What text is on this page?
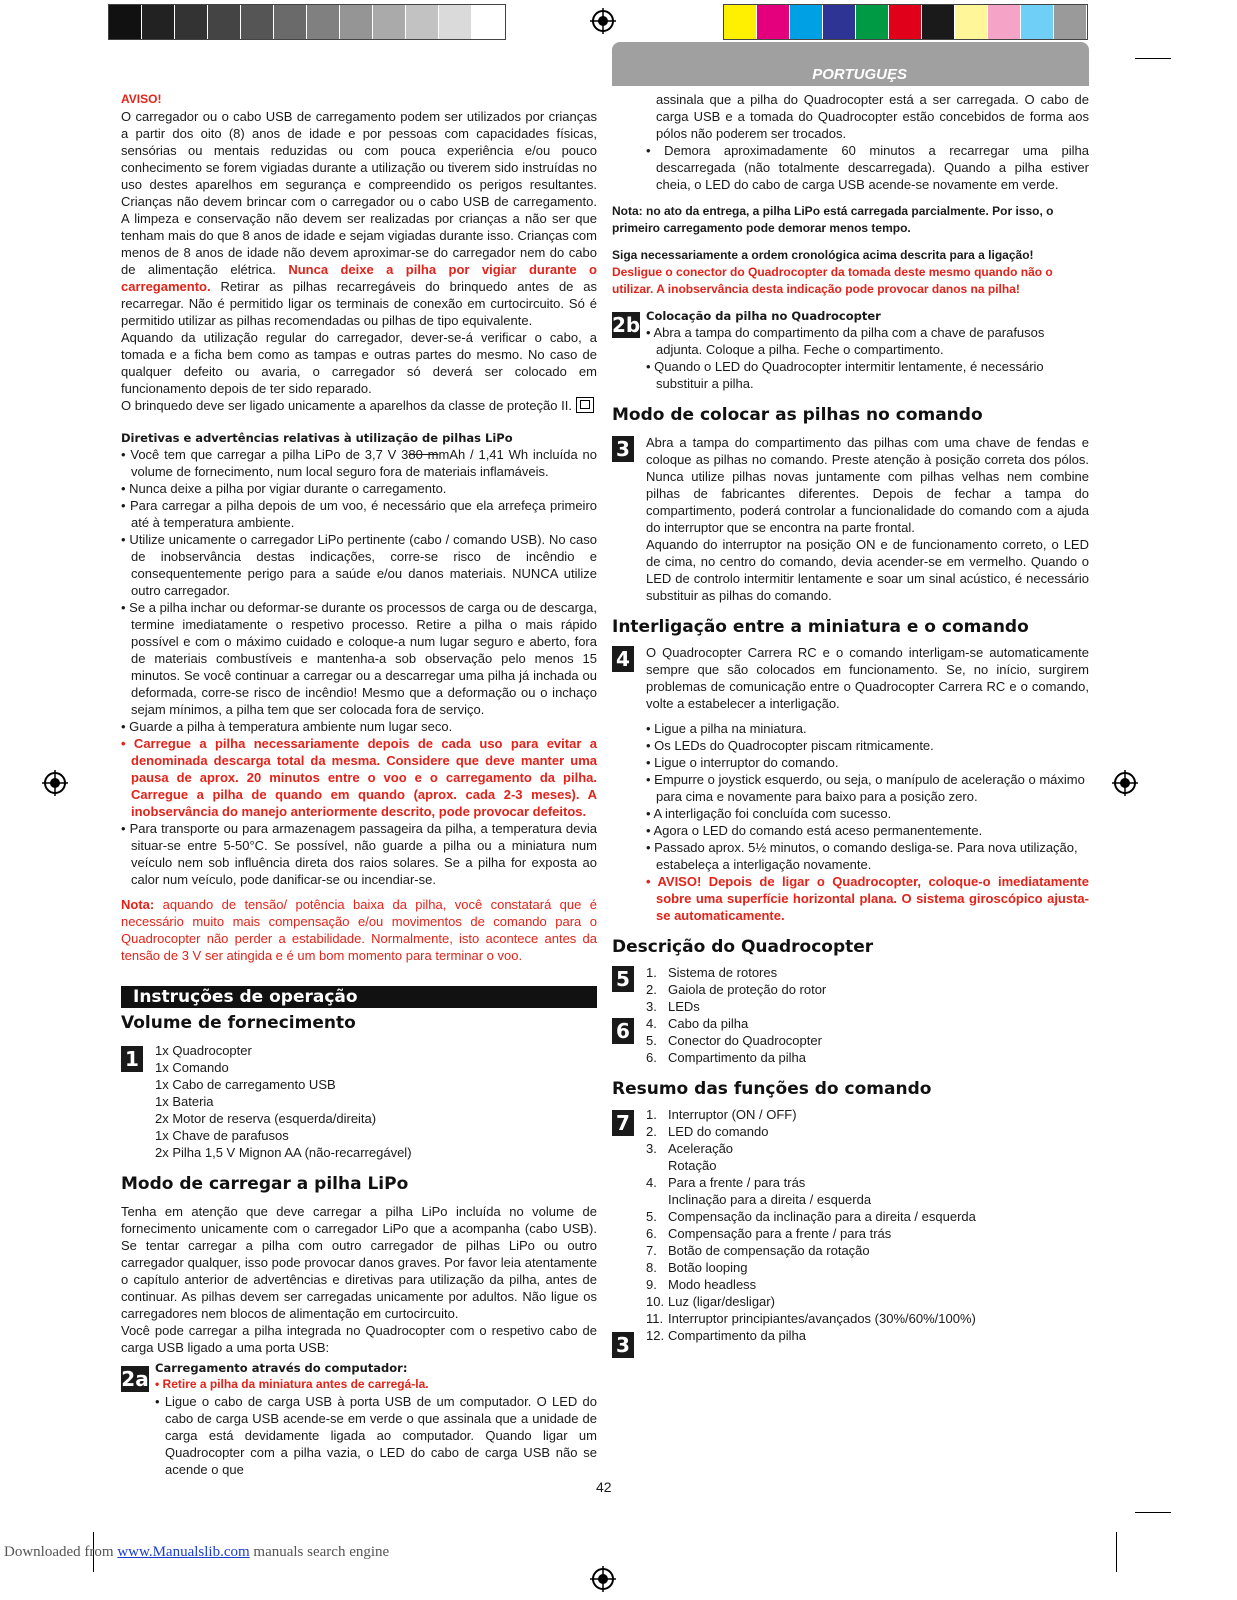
PORTUGUȨS

AVISO!

O carregador ou o cabo USB de carregamento podem ser utilizados por crianças a partir dos oito (8) anos de idade e por pessoas com capacidades físicas, sensórias ou mentais reduzidas ou com pouca experiência e/ou pouco conhecimento se forem vigiadas durante a utilização ou tiverem sido instruídas no uso destes aparelhos em segurança e compreendido os perigos resultantes. Crianças não devem brincar com o carregador ou o cabo USB de carregamento. A limpeza e conservação não devem ser realizadas por crianças a não ser que tenham mais do que 8 anos de idade e sejam vigiadas durante isso. Crianças com menos de 8 anos de idade não devem aproximar-se do carregador nem do cabo de alimentação elétrica. Nunca deixe a pilha por vigiar durante o carregamento. Retirar as pilhas recarregáveis do brinquedo antes de as recarregar. Não é permitido ligar os terminais de conexão em curtocircuito. Só é permitido utilizar as pilhas recomendadas ou pilhas de tipo equivalente.

Aquando da utilização regular do carregador, dever-se-á verificar o cabo, a tomada e a ficha bem como as tampas e outras partes do mesmo. No caso de qualquer defeito ou avaria, o carregador só deverá ser colocado em funcionamento depois de ter sido reparado.

O brinquedo deve ser ligado unicamente a aparelhos da classe de proteção II.

Diretivas e advertências relativas à utilização de pilhas LiPo

• Você tem que carregar a pilha LiPo de 3,7 V 380 mmAh / 1,41 Wh incluída no volume de fornecimento, num local seguro fora de materiais inflamáveis.

• Nunca deixe a pilha por vigiar durante o carregamento.

• Para carregar a pilha depois de um voo, é necessário que ela arrefeça primeiro até à temperatura ambiente.

• Utilize unicamente o carregador LiPo pertinente (cabo / comando USB). No caso de inobservância destas indicações, corre-se risco de incêndio e consequentemente perigo para a saúde e/ou danos materiais. NUNCA utilize outro carregador.

• Se a pilha inchar ou deformar-se durante os processos de carga ou de descarga, termine imediatamente o respetivo processo. Retire a pilha o mais rápido possível e com o máximo cuidado e coloque-a num lugar seguro e aberto, fora de materiais combustíveis e mantenha-a sob observação pelo menos 15 minutos. Se você continuar a carregar ou a descarregar uma pilha já inchada ou deformada, corre-se risco de incêndio! Mesmo que a deformação ou o inchaço sejam mínimos, a pilha tem que ser colocada fora de serviço.

• Guarde a pilha à temperatura ambiente num lugar seco.

• Carregue a pilha necessariamente depois de cada uso para evitar a denominada descarga total da mesma. Considere que deve manter uma pausa de aprox. 20 minutos entre o voo e o carregamento da pilha. Carregue a pilha de quando em quando (aprox. cada 2-3 meses). A inobservância do manejo anteriormente descrito, pode provocar defeitos.

• Para transporte ou para armazenagem passageira da pilha, a temperatura devia situar-se entre 5-50°C. Se possível, não guarde a pilha ou a miniatura num veículo nem sob influência direta dos raios solares. Se a pilha for exposta ao calor num veículo, pode danificar-se ou incendiar-se.

Nota: aquando de tensão/ potência baixa da pilha, você constatará que é necessário muito mais compensação e/ou movimentos de comando para o Quadrocopter não perder a estabilidade. Normalmente, isto acontece antes da tensão de 3 V ser atingida e é um bom momento para terminar o voo.

Instruções de operação

Volume de fornecimento

1	1x Quadrocopter

1x Comando

1x Cabo de carregamento USB

1x Bateria

2x Motor de reserva (esquerda/direita)

1x Chave de parafusos

2x Pilha 1,5 V Mignon AA (não-recarregável)

Modo de carregar a pilha LiPo

Tenha em atenção que deve carregar a pilha LiPo incluída no volume de fornecimento unicamente com o carregador LiPo que a acompanha (cabo USB). Se tentar carregar a pilha com outro carregador de pilhas LiPo ou outro carregador qualquer, isso pode provocar danos graves. Por favor leia atentamente o capítulo anterior de advertências e diretivas para utilização da pilha, antes de continuar. As pilhas devem ser carregadas unicamente por adultos. Não ligue os carregadores nem blocos de alimentação em curtocircuito.

Você pode carregar a pilha integrada no Quadrocopter com o respetivo cabo de carga USB ligado a uma porta USB:

2a Carregamento através do computador:

• Retire a pilha da miniatura antes de carregá-la.

• Ligue o cabo de carga USB à porta USB de um computador. O LED do cabo de carga USB acende-se em verde o que assinala que a unidade de carga está devidamente ligada ao computador. Quando ligar um Quadrocopter com a pilha vazia, o LED do cabo de carga USB não se acende o que

assinala que a pilha do Quadrocopter está a ser carregada. O cabo de carga USB e a tomada do Quadrocopter estão concebidos de forma aos pólos não poderem ser trocados.

• Demora aproximadamente 60 minutos a recarregar uma pilha descarregada (não totalmente descarregada). Quando a pilha estiver cheia, o LED do cabo de carga USB acende-se novamente em verde.

Nota: no ato da entrega, a pilha LiPo está carregada parcialmente. Por isso, o primeiro carregamento pode demorar menos tempo.

Siga necessariamente a ordem cronológica acima descrita para a ligação!

Desligue o conector do Quadrocopter da tomada deste mesmo quando não o utilizar. A inobservância desta indicação pode provocar danos na pilha!

2b Colocação da pilha no Quadrocopter

• Abra a tampa do compartimento da pilha com a chave de parafusos adjunta. Coloque a pilha. Feche o compartimento.

• Quando o LED do Quadrocopter intermitir lentamente, é necessário substituir a pilha.

Modo de colocar as pilhas no comando

3	Abra a tampa do compartimento das pilhas com uma chave de fendas e coloque as pilhas no comando. Preste atenção à posição correta dos pólos. Nunca utilize pilhas novas juntamente com pilhas velhas nem combine pilhas de fabricantes diferentes. Depois de fechar a tampa do compartimento, poderá controlar a funcionalidade do comando com a ajuda do interruptor que se encontra na parte frontal.

Aquando do interruptor na posição ON e de funcionamento correto, o LED de cima, no centro do comando, devia acender-se em vermelho. Quando o LED de controlo intermitir lentamente e soar um sinal acústico, é necessário substituir as pilhas do comando.

Interligação entre a miniatura e o comando

4	O Quadrocopter Carrera RC e o comando interligam-se automaticamente sempre que são colocados em funcionamento. Se, no início, surgirem problemas de comunicação entre o Quadrocopter Carrera RC e o comando, volte a estabelecer a interligação.

• Ligue a pilha na miniatura.

• Os LEDs do Quadrocopter piscam ritmicamente.

• Ligue o interruptor do comando.

• Empurre o joystick esquerdo, ou seja, o manípulo de aceleração o máximo para cima e novamente para baixo para a posição zero.

• A interligação foi concluída com sucesso.

• Agora o LED do comando está aceso permanentemente.

• Passado aprox. 5½ minutos, o comando desliga-se. Para nova utilização, estabeleça a interligação novamente.

• AVISO! Depois de ligar o Quadrocopter, coloque-o imediatamente sobre uma superfície horizontal plana. O sistema giroscópico ajusta-se automaticamente.

Descrição do Quadrocopter

5
6
1. Sistema de rotores
2. Gaiola de proteção do rotor
3. LEDs
4. Cabo da pilha
5. Conector do Quadrocopter
6. Compartimento da pilha

Resumo das funções do comando

7
3
1. Interruptor (ON / OFF)
2. LED do comando
3. Aceleração
Rotação
4. Para a frente / para trás
Inclinação para a direita / esquerda
5. Compensação da inclinação para a direita / esquerda
6. Compensação para a frente / para trás
7. Botão de compensação da rotação
8. Botão looping
9. Modo headless
10. Luz (ligar/desligar)
11. Interruptor principiantes/avançados (30%/60%/100%)
12. Compartimento da pilha
42
Downloaded from www.Manualslib.com manuals search engine
